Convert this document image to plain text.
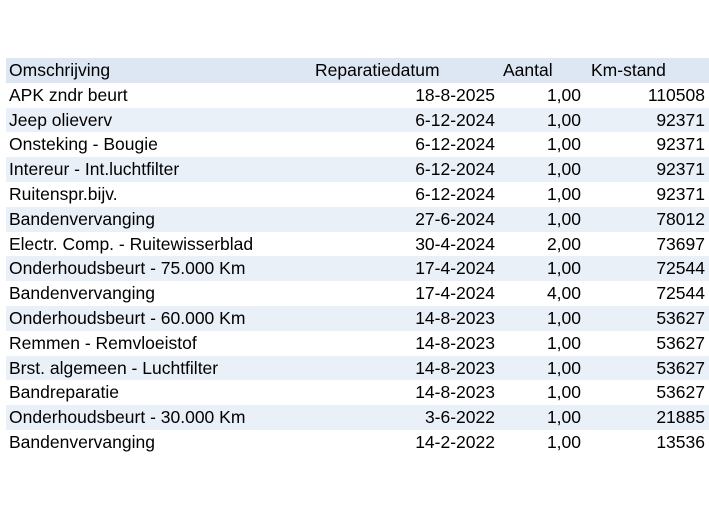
Omschrijving	Reparatiedatum	Aantal	Km-stand
APK zndr beurt	18-8-2025	1,00	110508
Jeep olieverv	6-12-2024	1,00	92371
Onsteking - Bougie	6-12-2024	1,00	92371
Intereur - Int.luchtfilter	6-12-2024	1,00	92371
Ruitenspr.bijv.	6-12-2024	1,00	92371
Bandenvervanging	27-6-2024	1,00	78012
Electr. Comp. - Ruitewisserblad	30-4-2024	2,00	73697
Onderhoudsbeurt - 75.000 Km	17-4-2024	1,00	72544
Bandenvervanging	17-4-2024	4,00	72544
Onderhoudsbeurt - 60.000 Km	14-8-2023	1,00	53627
Remmen - Remvloeistof	14-8-2023	1,00	53627
Brst. algemeen - Luchtfilter	14-8-2023	1,00	53627
Bandreparatie	14-8-2023	1,00	53627
Onderhoudsbeurt - 30.000 Km	3-6-2022	1,00	21885
Bandenvervanging	14-2-2022	1,00	13536
